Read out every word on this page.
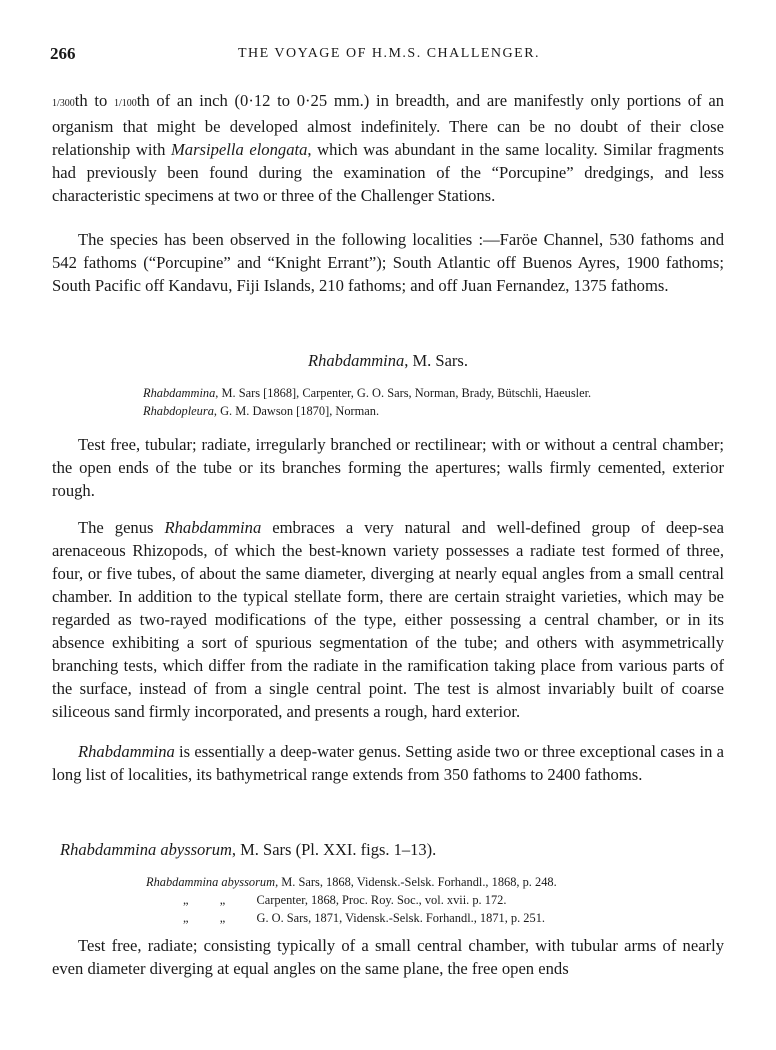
266	THE VOYAGE OF H.M.S. CHALLENGER.

1/300th to 1/100th of an inch (0·12 to 0·25 mm.) in breadth, and are manifestly only portions of an organism that might be developed almost indefinitely. There can be no doubt of their close relationship with Marsipella elongata, which was abundant in the same locality. Similar fragments had previously been found during the examination of the “Porcupine” dredgings, and less characteristic specimens at two or three of the Challenger Stations.

The species has been observed in the following localities :—Faröe Channel, 530 fathoms and 542 fathoms (“Porcupine” and “Knight Errant”); South Atlantic off Buenos Ayres, 1900 fathoms; South Pacific off Kandavu, Fiji Islands, 210 fathoms; and off Juan Fernandez, 1375 fathoms.

Rhabdammina, M. Sars.
Rhabdammina, M. Sars [1868], Carpenter, G. O. Sars, Norman, Brady, Bütschli, Haeusler.
Rhabdopleura, G. M. Dawson [1870], Norman.

Test free, tubular; radiate, irregularly branched or rectilinear; with or without a central chamber; the open ends of the tube or its branches forming the apertures; walls firmly cemented, exterior rough.

The genus Rhabdammina embraces a very natural and well-defined group of deep-sea arenaceous Rhizopods, of which the best-known variety possesses a radiate test formed of three, four, or five tubes, of about the same diameter, diverging at nearly equal angles from a small central chamber. In addition to the typical stellate form, there are certain straight varieties, which may be regarded as two-rayed modifications of the type, either possessing a central chamber, or in its absence exhibiting a sort of spurious segmentation of the tube; and others with asymmetrically branching tests, which differ from the radiate in the ramification taking place from various parts of the surface, instead of from a single central point. The test is almost invariably built of coarse siliceous sand firmly incorporated, and presents a rough, hard exterior.

Rhabdammina is essentially a deep-water genus. Setting aside two or three exceptional cases in a long list of localities, its bathymetrical range extends from 350 fathoms to 2400 fathoms.

Rhabdammina abyssorum, M. Sars (Pl. XXI. figs. 1–13).
Rhabdammina abyssorum, M. Sars, 1868, Vidensk.-Selsk. Forhandl., 1868, p. 248.
„	„	Carpenter, 1868, Proc. Roy. Soc., vol. xvii. p. 172.
„	„	G. O. Sars, 1871, Vidensk.-Selsk. Forhandl., 1871, p. 251.

Test free, radiate; consisting typically of a small central chamber, with tubular arms of nearly even diameter diverging at equal angles on the same plane, the free open ends
